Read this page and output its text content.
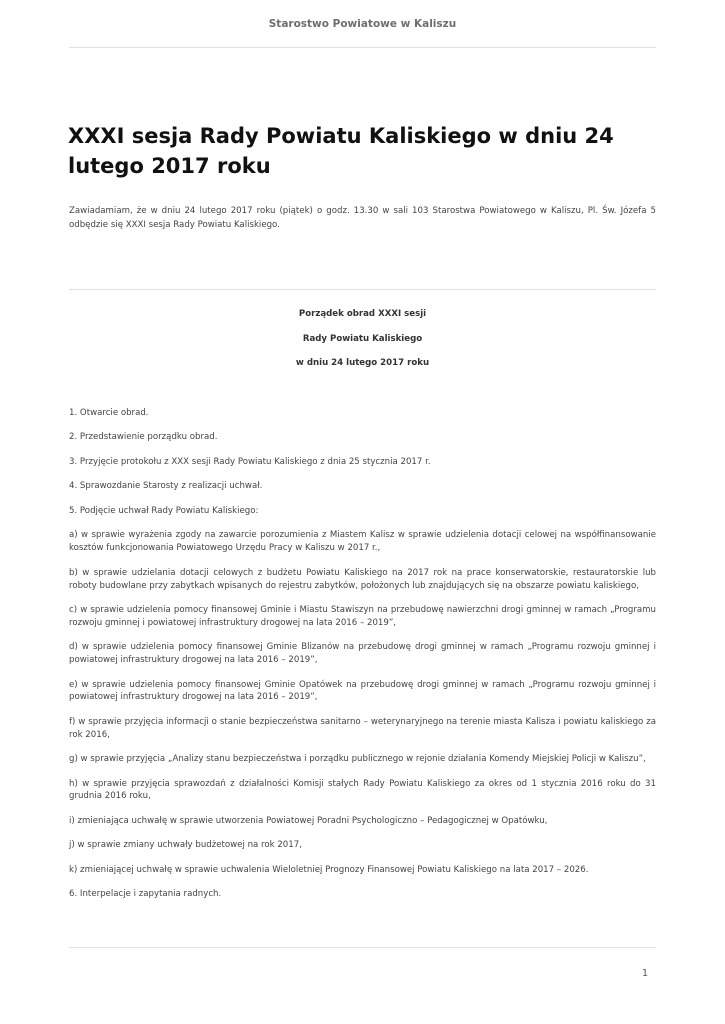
Starostwo Powiatowe w Kaliszu
XXXI sesja Rady Powiatu Kaliskiego w dniu 24 lutego 2017 roku

Zawiadamiam, że w dniu 24 lutego 2017 roku (piątek) o godz. 13.30 w sali 103 Starostwa Powiatowego w Kaliszu, Pl. Św. Józefa 5 odbędzie się XXXI sesja Rady Powiatu Kaliskiego.

Porządek obrad XXXI sesji
Rady Powiatu Kaliskiego
w dniu 24 lutego 2017 roku
1. Otwarcie obrad.
2. Przedstawienie porządku obrad.
3. Przyjęcie protokołu z XXX sesji Rady Powiatu Kaliskiego z dnia 25 stycznia 2017 r.
4. Sprawozdanie Starosty z realizacji uchwał.
5. Podjęcie uchwał Rady Powiatu Kaliskiego:
a) w sprawie wyrażenia zgody na zawarcie porozumienia z Miastem Kalisz w sprawie udzielenia dotacji celowej na współfinansowanie kosztów funkcjonowania Powiatowego Urzędu Pracy w Kaliszu w 2017 r.,
b) w sprawie udzielania dotacji celowych z budżetu Powiatu Kaliskiego na 2017 rok na prace konserwatorskie, restauratorskie lub roboty budowlane przy zabytkach wpisanych do rejestru zabytków, położonych lub znajdujących się na obszarze powiatu kaliskiego,
c) w sprawie udzielenia pomocy finansowej Gminie i Miastu Stawiszyn na przebudowę nawierzchni drogi gminnej w ramach „Programu rozwoju gminnej i powiatowej infrastruktury drogowej na lata 2016 – 2019”,
d) w sprawie udzielenia pomocy finansowej Gminie Blizanów na przebudowę drogi gminnej w ramach „Programu rozwoju gminnej i powiatowej infrastruktury drogowej na lata 2016 – 2019”,
e) w sprawie udzielenia pomocy finansowej Gminie Opatówek na przebudowę drogi gminnej w ramach „Programu rozwoju gminnej i powiatowej infrastruktury drogowej na lata 2016 – 2019”,
f) w sprawie przyjęcia informacji o stanie bezpieczeństwa sanitarno – weterynaryjnego na terenie miasta Kalisza i powiatu kaliskiego za rok 2016,
g) w sprawie przyjęcia „Analizy stanu bezpieczeństwa i porządku publicznego w rejonie działania Komendy Miejskiej Policji w Kaliszu”,
h) w sprawie przyjęcia sprawozdań z działalności Komisji stałych Rady Powiatu Kaliskiego za okres od 1 stycznia 2016 roku do 31 grudnia 2016 roku,
i) zmieniająca uchwałę w sprawie utworzenia Powiatowej Poradni Psychologiczno – Pedagogicznej w Opatówku,
j) w sprawie zmiany uchwały budżetowej na rok 2017,
k) zmieniającej uchwałę w sprawie uchwalenia Wieloletniej Prognozy Finansowej Powiatu Kaliskiego na lata 2017 – 2026.
6. Interpelacje i zapytania radnych.
1
